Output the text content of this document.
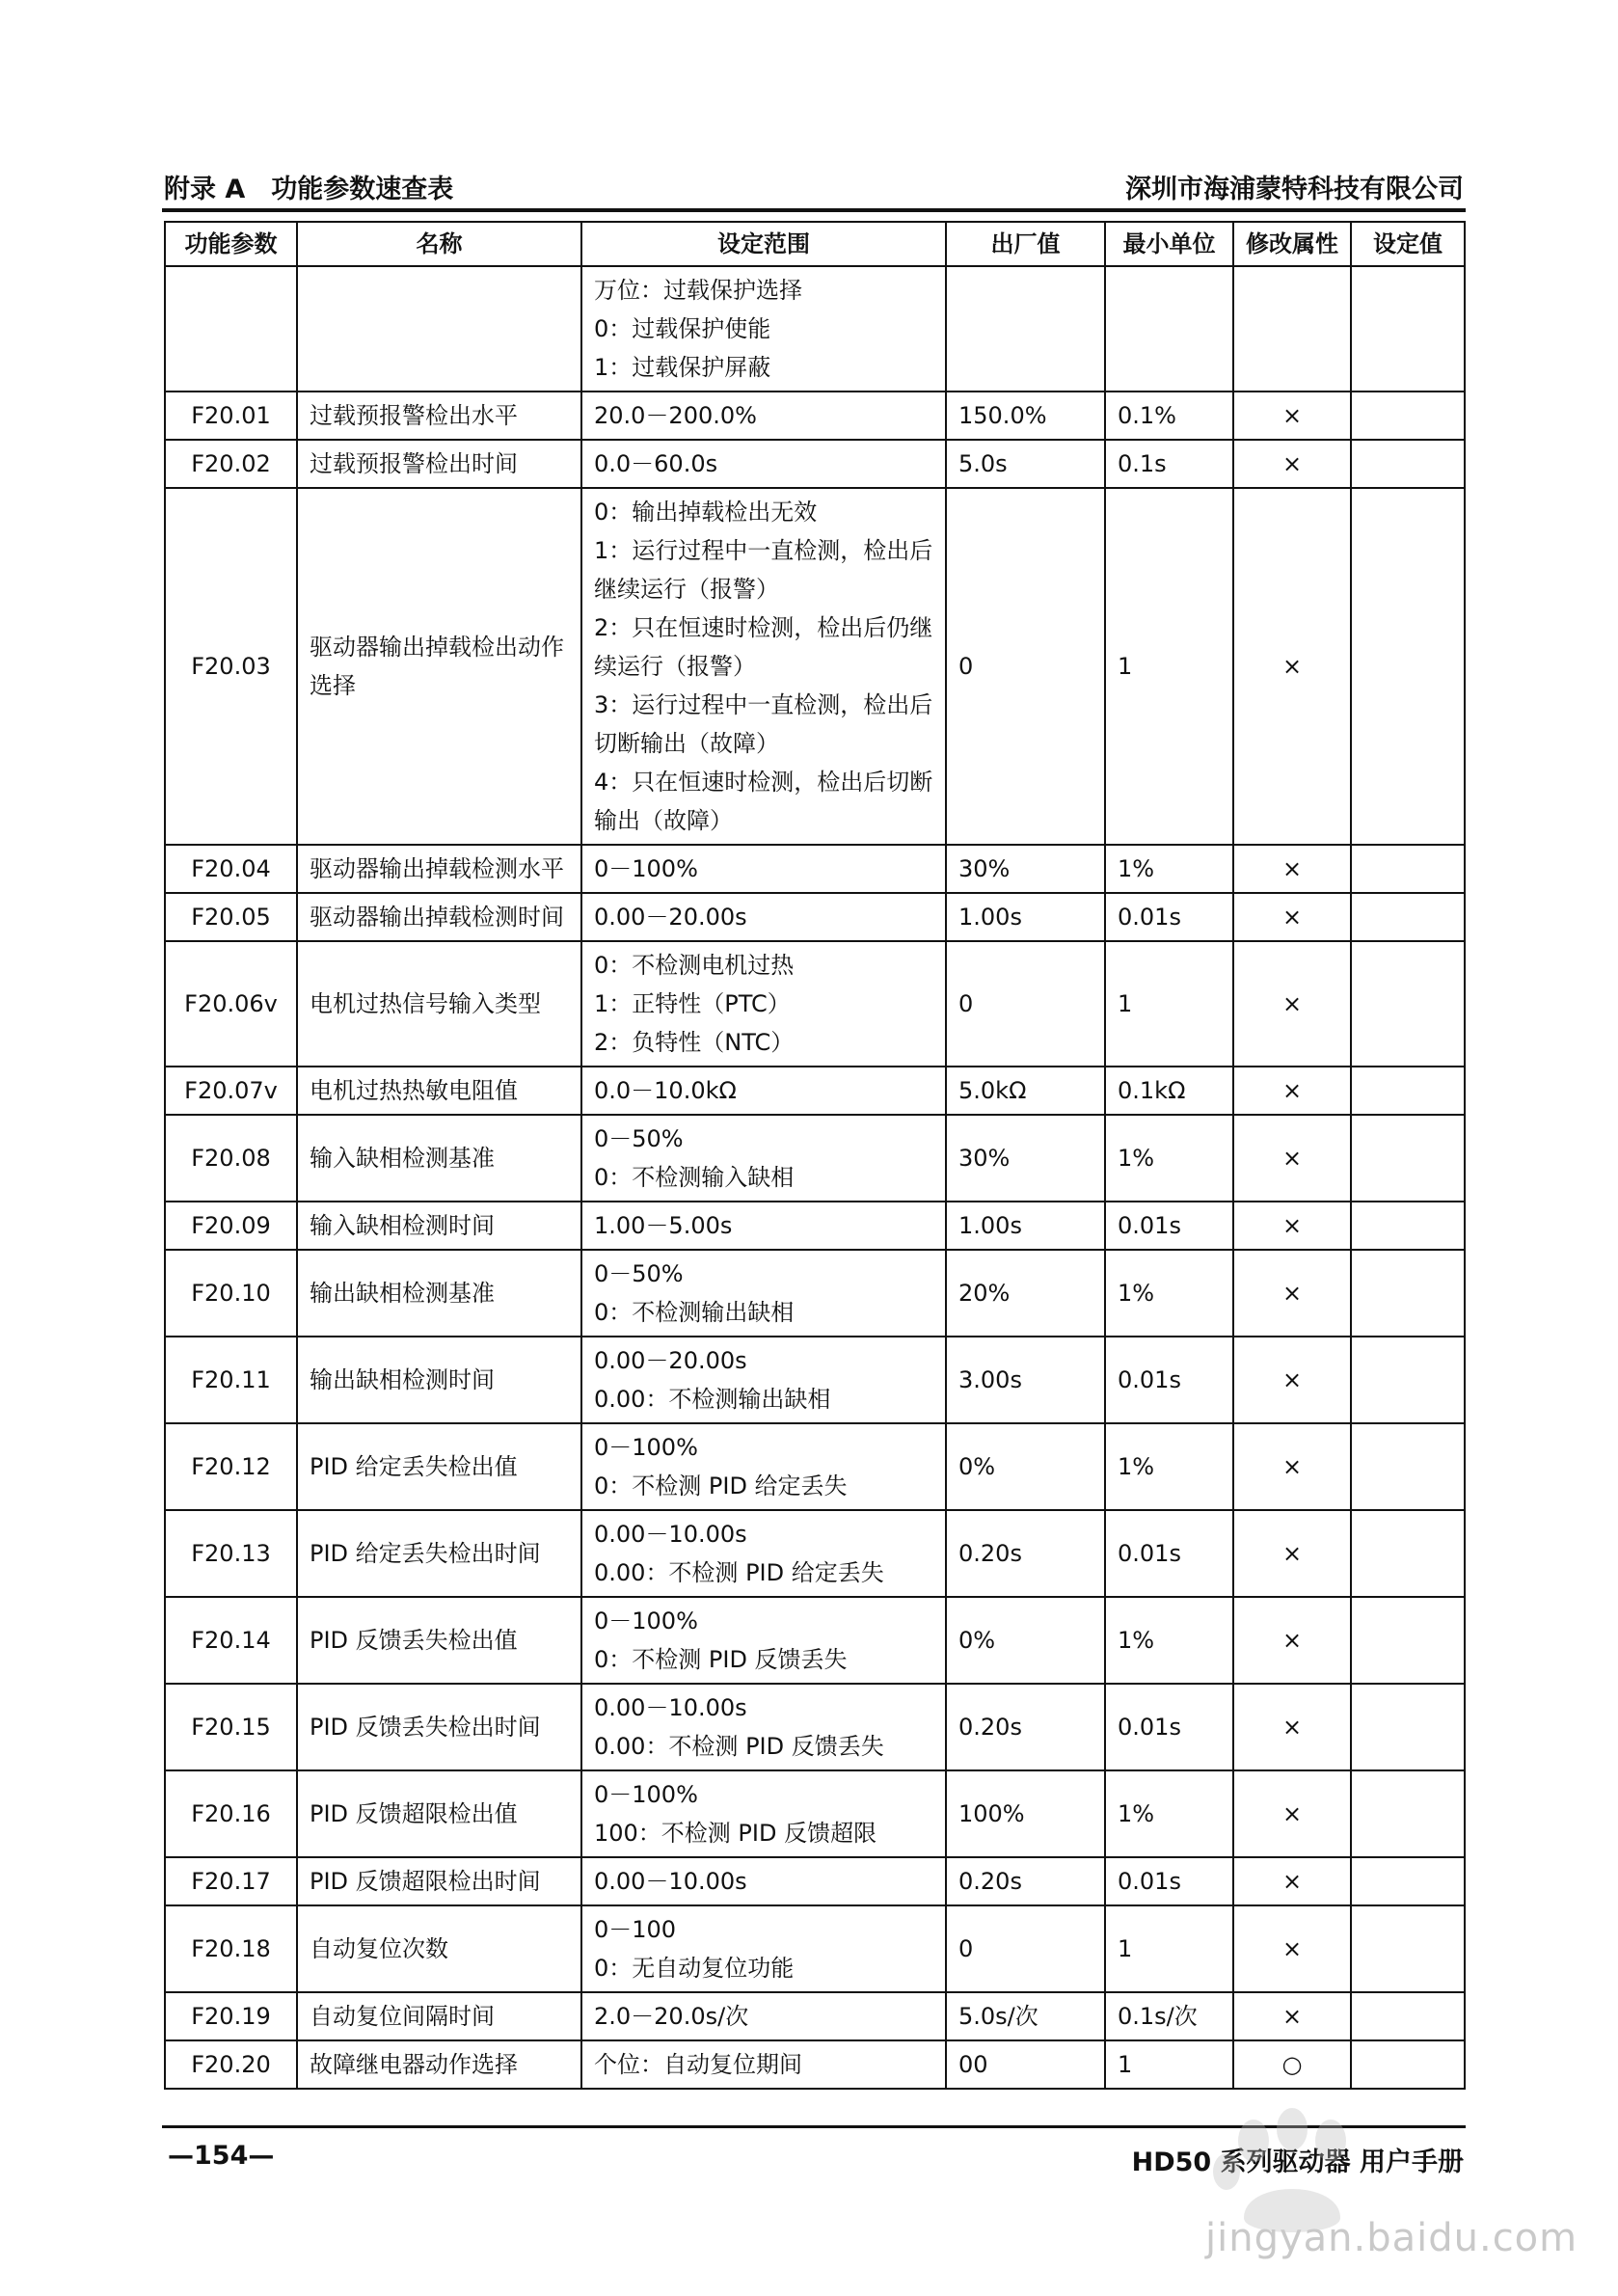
附录 A　功能参数速查表	深圳市海浦蒙特科技有限公司
功能参数	名称	设定范围	出厂值	最小单位	修改属性	设定值

		万位：过载保护选择
0：过载保护使能
1：过载保护屏蔽				

F20.01	过载预报警检出水平	20.0－200.0%	150.0%	0.1%	×	
F20.02	过载预报警检出时间	0.0－60.0s	5.0s	0.1s	×	
F20.03	驱动器输出掉载检出动作选择	0：输出掉载检出无效
1：运行过程中一直检测，检出后继续运行（报警）
2：只在恒速时检测，检出后仍继续运行（报警）
3：运行过程中一直检测，检出后切断输出（故障）
4：只在恒速时检测，检出后切断输出（故障）	0	1	×	
F20.04	驱动器输出掉载检测水平	0－100%	30%	1%	×	
F20.05	驱动器输出掉载检测时间	0.00－20.00s	1.00s	0.01s	×	
F20.06v	电机过热信号输入类型	0：不检测电机过热
1：正特性（PTC）
2：负特性（NTC）	0	1	×	
F20.07v	电机过热热敏电阻值	0.0－10.0kΩ	5.0kΩ	0.1kΩ	×	
F20.08	输入缺相检测基准	0－50%
0：不检测输入缺相	30%	1%	×	
F20.09	输入缺相检测时间	1.00－5.00s	1.00s	0.01s	×	
F20.10	输出缺相检测基准	0－50%
0：不检测输出缺相	20%	1%	×	
F20.11	输出缺相检测时间	0.00－20.00s
0.00：不检测输出缺相	3.00s	0.01s	×	
F20.12	PID 给定丢失检出值	0－100%
0：不检测 PID 给定丢失	0%	1%	×	
F20.13	PID 给定丢失检出时间	0.00－10.00s
0.00：不检测 PID 给定丢失	0.20s	0.01s	×	
F20.14	PID 反馈丢失检出值	0－100%
0：不检测 PID 反馈丢失	0%	1%	×	
F20.15	PID 反馈丢失检出时间	0.00－10.00s
0.00：不检测 PID 反馈丢失	0.20s	0.01s	×	
F20.16	PID 反馈超限检出值	0－100%
100：不检测 PID 反馈超限	100%	1%	×	
F20.17	PID 反馈超限检出时间	0.00－10.00s	0.20s	0.01s	×	
F20.18	自动复位次数	0－100
0：无自动复位功能	0	1	×	
F20.19	自动复位间隔时间	2.0－20.0s/次	5.0s/次	0.1s/次	×	
F20.20	故障继电器动作选择	个位：自动复位期间	00	1	○	
—154—	HD50 系列驱动器 用户手册
jingyan.baidu.com
